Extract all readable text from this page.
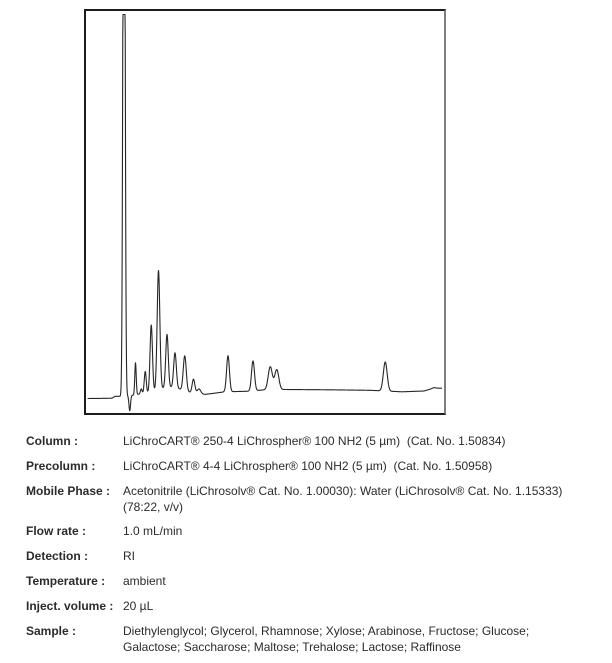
Column :	LiChroCART® 250-4 LiChrospher® 100 NH2 (5 µm)  (Cat. No. 1.50834)
Precolumn :	LiChroCART® 4-4 LiChrospher® 100 NH2 (5 µm)  (Cat. No. 1.50958)
Mobile Phase :	Acetonitrile (LiChrosolv® Cat. No. 1.00030): Water (LiChrosolv® Cat. No. 1.15333)
(78:22, v/v)
Flow rate :	1.0 mL/min
Detection :	RI
Temperature :	ambient
Inject. volume : 20 µL
Sample :	Diethylenglycol; Glycerol, Rhamnose; Xylose; Arabinose, Fructose; Glucose;
Galactose; Saccharose; Maltose; Trehalose; Lactose; Raffinose
